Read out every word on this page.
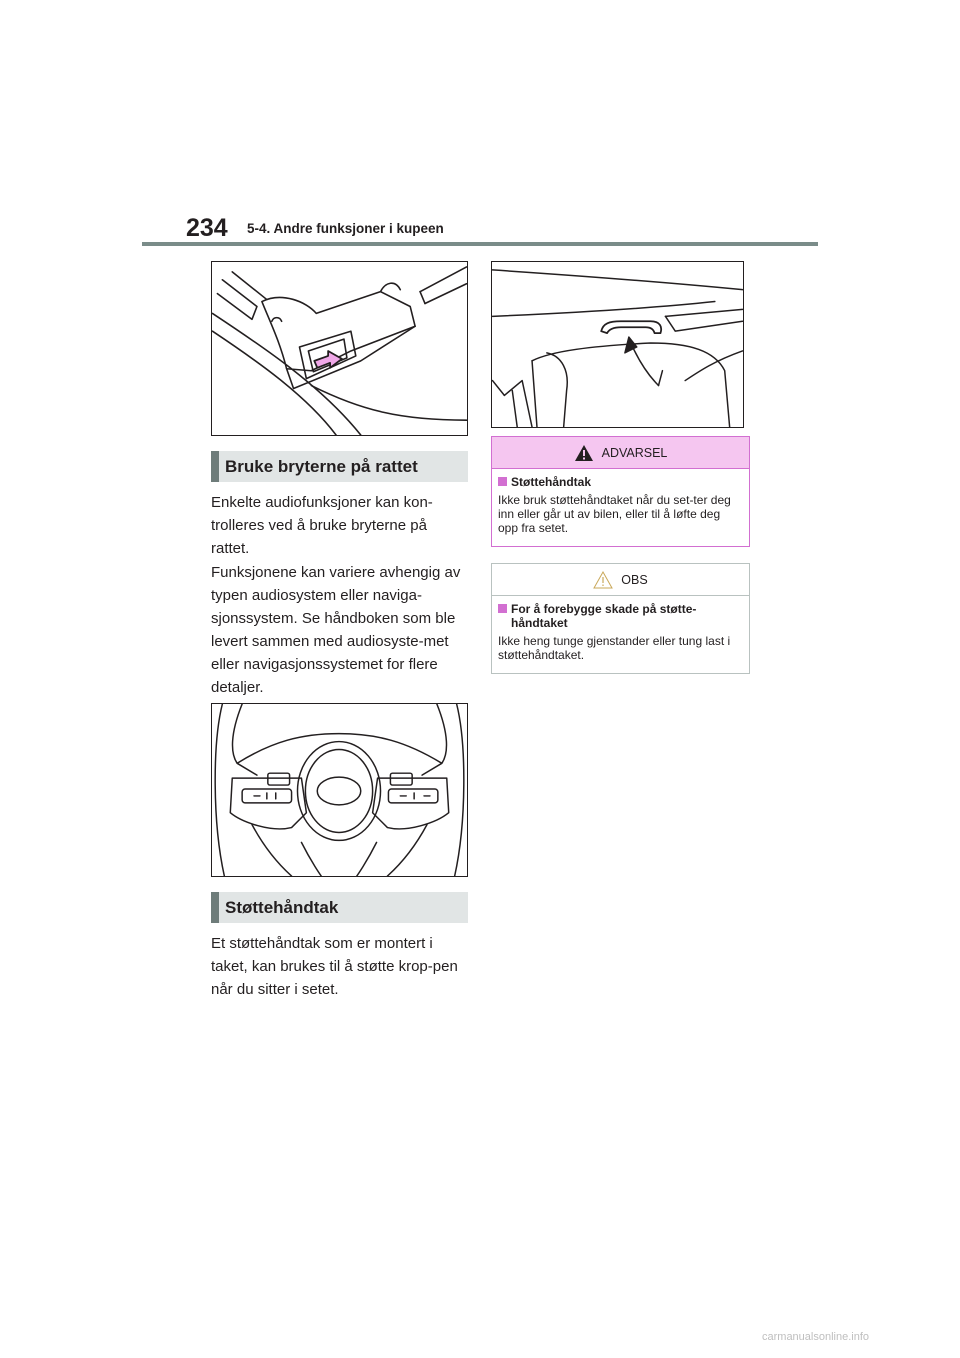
234 5-4. Andre funksjoner i kupeen
Bruke bryterne på rattet

Enkelte audiofunksjoner kan kon-trolleres ved å bruke bryterne på rattet.

Funksjonene kan variere avhengig av typen audiosystem eller naviga-sjonssystem. Se håndboken som ble levert sammen med audiosyste-met eller navigasjonssystemet for flere detaljer.

Støttehåndtak

Et støttehåndtak som er montert i taket, kan brukes til å støtte krop-pen når du sitter i setet.

ADVARSEL
Støttehåndtak

Ikke bruk støttehåndtaket når du set-ter deg inn eller går ut av bilen, eller til å løfte deg opp fra setet.

OBS
For å forebygge skade på støtte-håndtaket

Ikke heng tunge gjenstander eller tung last i støttehåndtaket.

carmanualsonline.info
